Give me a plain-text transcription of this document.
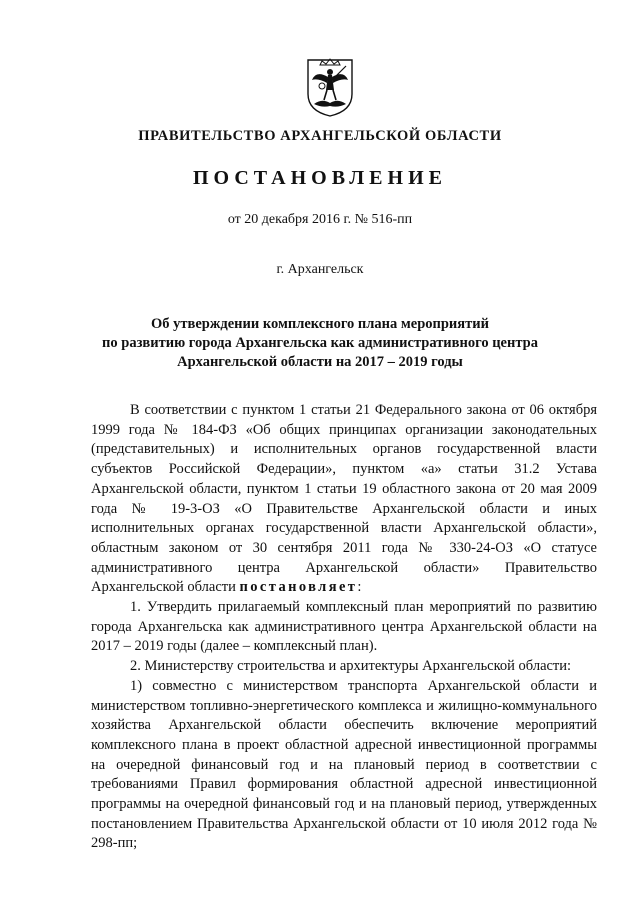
ПРАВИТЕЛЬСТВО АРХАНГЕЛЬСКОЙ ОБЛАСТИ
ПОСТАНОВЛЕНИЕ
от 20 декабря 2016 г. № 516-пп
г. Архангельск
Об утверждении комплексного плана мероприятий
по развитию города Архангельска как административного центра
Архангельской области на 2017 – 2019 годы

В соответствии с пунктом 1 статьи 21 Федерального закона от 06 октября 1999 года № 184-ФЗ «Об общих принципах организации законодательных (представительных) и исполнительных органов государственной власти субъектов Российской Федерации», пунктом «а» статьи 31.2 Устава Архангельской области, пунктом 1 статьи 19 областного закона от 20 мая 2009 года № 19-3-ОЗ «О Правительстве Архангельской области и иных исполнительных органах государственной власти Архангельской области», областным законом от 30 сентября 2011 года № 330-24-ОЗ «О статусе административного центра Архангельской области» Правительство Архангельской области постановляет:

1. Утвердить прилагаемый комплексный план мероприятий по развитию города Архангельска как административного центра Архангельской области на 2017 – 2019 годы (далее – комплексный план).

2. Министерству строительства и архитектуры Архангельской области:

1) совместно с министерством транспорта Архангельской области и министерством топливно-энергетического комплекса и жилищно-коммунального хозяйства Архангельской области обеспечить включение мероприятий комплексного плана в проект областной адресной инвестиционной программы на очередной финансовый год и на плановый период в соответствии с требованиями Правил формирования областной адресной инвестиционной программы на очередной финансовый год и на плановый период, утвержденных постановлением Правительства Архангельской области от 10 июля 2012 года № 298-пп;
